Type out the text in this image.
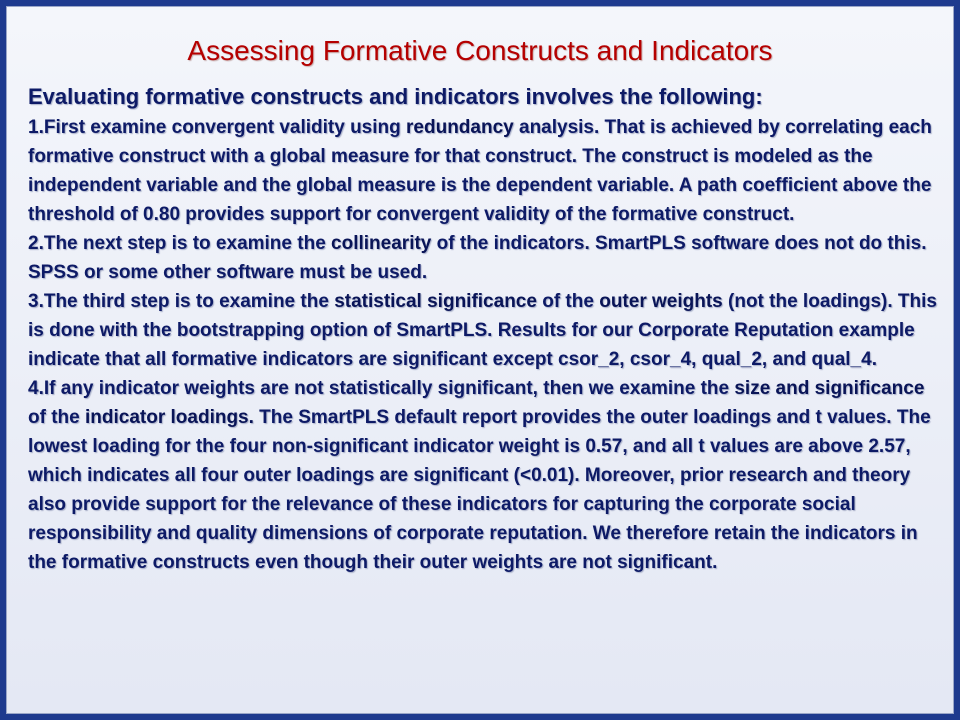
Assessing Formative Constructs and Indicators
Evaluating formative constructs and indicators involves the following:

1.First examine convergent validity using redundancy analysis. That is achieved by correlating each formative construct with a global measure for that construct. The construct is modeled as the independent variable and the global measure is the dependent variable. A path coefficient above the threshold of 0.80 provides support for convergent validity of the formative construct.

2.The next step is to examine the collinearity of the indicators. SmartPLS software does not do this. SPSS or some other software must be used.

3.The third step is to examine the statistical significance of the outer weights (not the loadings). This is done with the bootstrapping option of SmartPLS. Results for our Corporate Reputation example indicate that all formative indicators are significant except csor_2, csor_4, qual_2, and qual_4.

4.If any indicator weights are not statistically significant, then we examine the size and significance of the indicator loadings. The SmartPLS default report provides the outer loadings and t values. The lowest loading for the four non-significant indicator weight is 0.57, and all t values are above 2.57, which indicates all four outer loadings are significant (<0.01). Moreover, prior research and theory also provide support for the relevance of these indicators for capturing the corporate social responsibility and quality dimensions of corporate reputation. We therefore retain the indicators in the formative constructs even though their outer weights are not significant.
